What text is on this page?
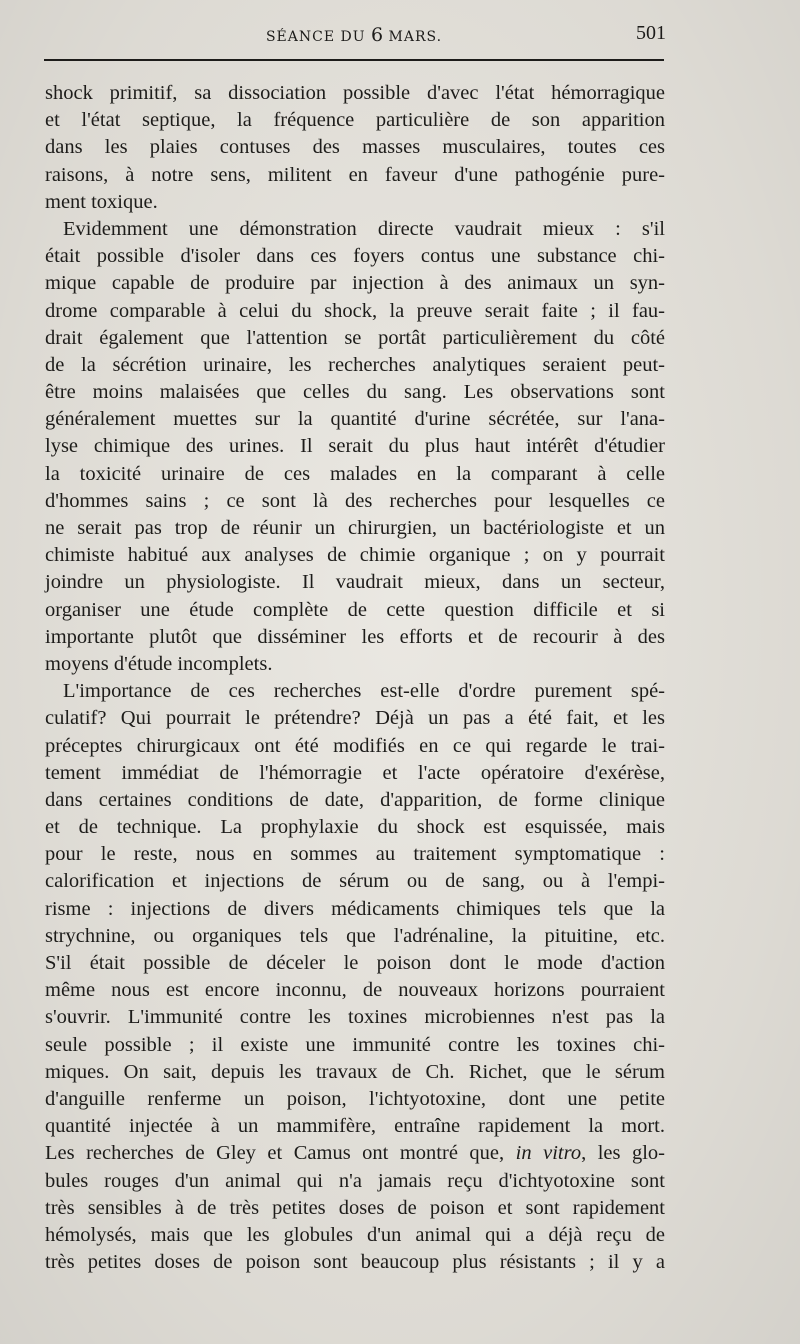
SÉANCE DU 6 MARS.	501
shock primitif, sa dissociation possible d'avec l'état hémorragique
et l'état septique, la fréquence particulière de son apparition
dans les plaies contuses des masses musculaires, toutes ces
raisons, à notre sens, militent en faveur d'une pathogénie pure-
ment toxique.
Evidemment une démonstration directe vaudrait mieux : s'il
était possible d'isoler dans ces foyers contus une substance chi-
mique capable de produire par injection à des animaux un syn-
drome comparable à celui du shock, la preuve serait faite ; il fau-
drait également que l'attention se portât particulièrement du côté
de la sécrétion urinaire, les recherches analytiques seraient peut-
être moins malaisées que celles du sang. Les observations sont
généralement muettes sur la quantité d'urine sécrétée, sur l'ana-
lyse chimique des urines. Il serait du plus haut intérêt d'étudier
la toxicité urinaire de ces malades en la comparant à celle
d'hommes sains ; ce sont là des recherches pour lesquelles ce
ne serait pas trop de réunir un chirurgien, un bactériologiste et un
chimiste habitué aux analyses de chimie organique ; on y pourrait
joindre un physiologiste. Il vaudrait mieux, dans un secteur,
organiser une étude complète de cette question difficile et si
importante plutôt que disséminer les efforts et de recourir à des
moyens d'étude incomplets.
L'importance de ces recherches est-elle d'ordre purement spé-
culatif? Qui pourrait le prétendre? Déjà un pas a été fait, et les
préceptes chirurgicaux ont été modifiés en ce qui regarde le trai-
tement immédiat de l'hémorragie et l'acte opératoire d'exérèse,
dans certaines conditions de date, d'apparition, de forme clinique
et de technique. La prophylaxie du shock est esquissée, mais
pour le reste, nous en sommes au traitement symptomatique :
calorification et injections de sérum ou de sang, ou à l'empi-
risme : injections de divers médicaments chimiques tels que la
strychnine, ou organiques tels que l'adrénaline, la pituitine, etc.
S'il était possible de déceler le poison dont le mode d'action
même nous est encore inconnu, de nouveaux horizons pourraient
s'ouvrir. L'immunité contre les toxines microbiennes n'est pas la
seule possible ; il existe une immunité contre les toxines chi-
miques. On sait, depuis les travaux de Ch. Richet, que le sérum
d'anguille renferme un poison, l'ichtyotoxine, dont une petite
quantité injectée à un mammifère, entraîne rapidement la mort.
Les recherches de Gley et Camus ont montré que, in vitro, les glo-
bules rouges d'un animal qui n'a jamais reçu d'ichtyotoxine sont
très sensibles à de très petites doses de poison et sont rapidement
hémolysés, mais que les globules d'un animal qui a déjà reçu de
très petites doses de poison sont beaucoup plus résistants ; il y a
